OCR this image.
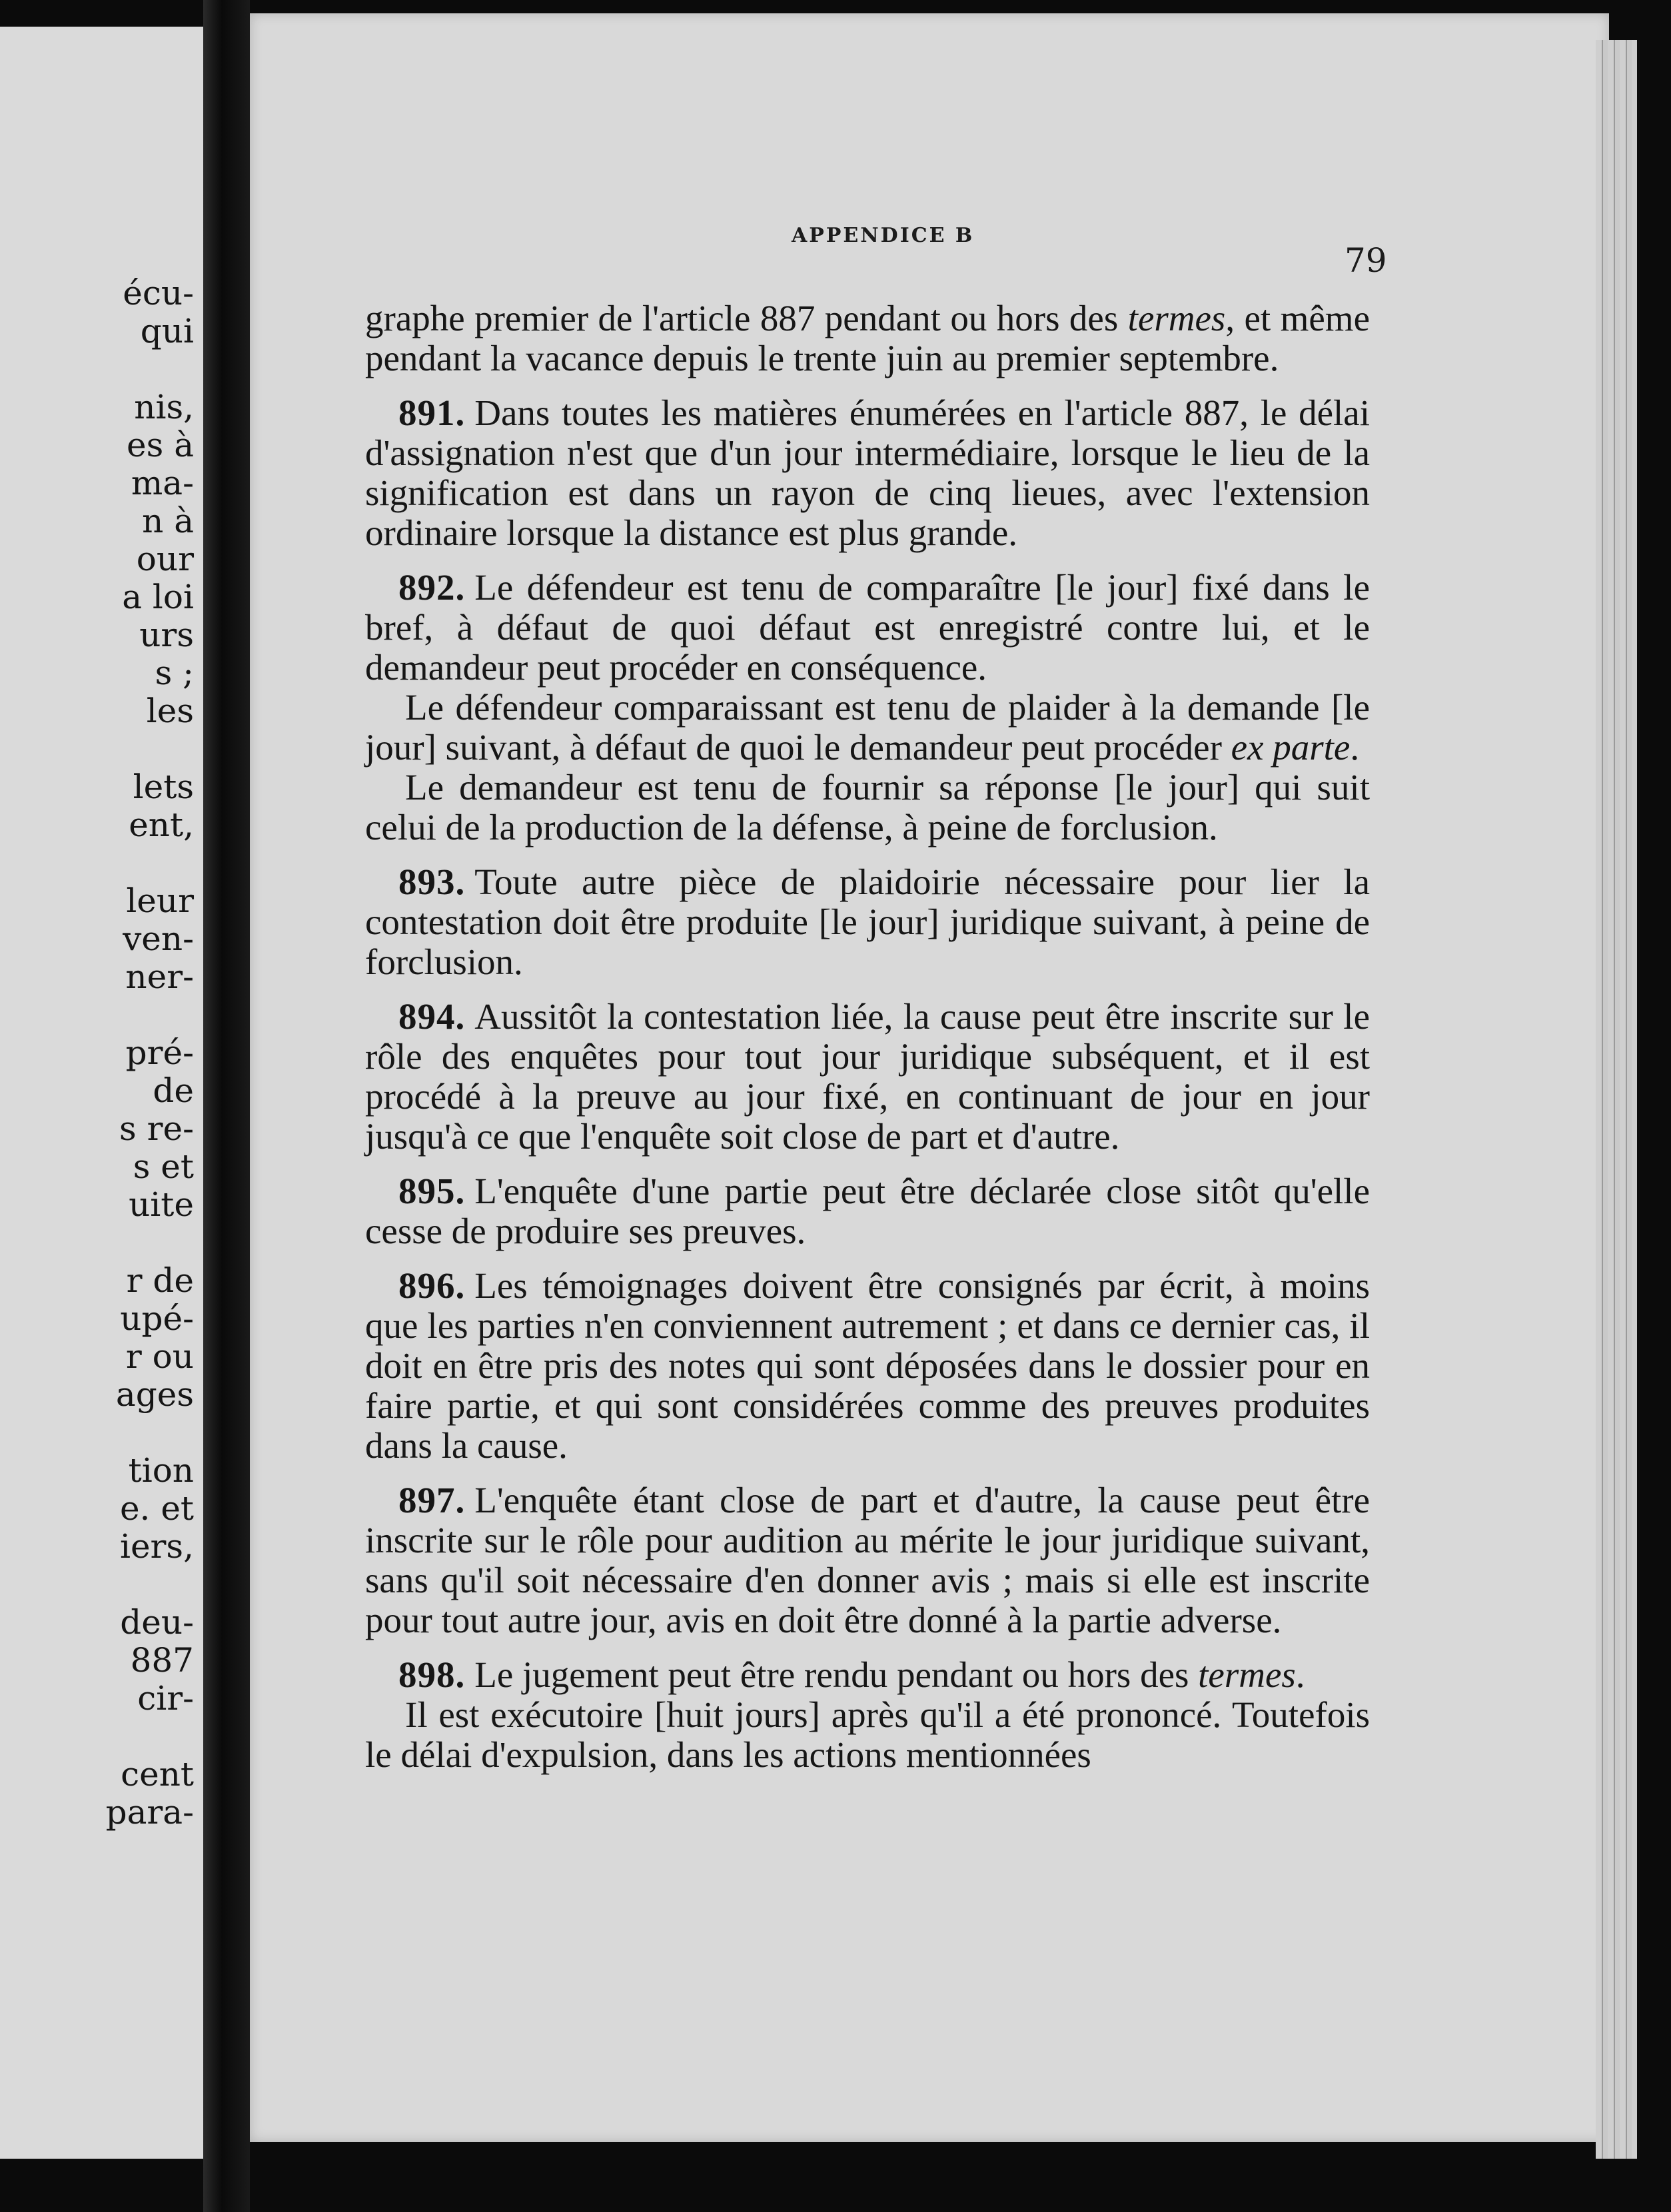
écu-
qui
nis,
es à
ma-
n à
our
a loi
urs
s ;
les
lets
ent,
leur
ven-
ner-
pré-
de
s re-
s et
uite
r de
upé-
r ou
ages
tion
e. et
iers,
deu-
887
cir-
cent
para-
APPENDICE B
79

graphe premier de l'article 887 pendant ou hors des termes, et même pendant la vacance depuis le trente juin au premier septembre.

891. Dans toutes les matières énumérées en l'article 887, le délai d'assignation n'est que d'un jour intermédiaire, lorsque le lieu de la signification est dans un rayon de cinq lieues, avec l'extension ordinaire lorsque la distance est plus grande.

892. Le défendeur est tenu de comparaître [le jour] fixé dans le bref, à défaut de quoi défaut est enregistré contre lui, et le demandeur peut procéder en conséquence.

Le défendeur comparaissant est tenu de plaider à la demande [le jour] suivant, à défaut de quoi le demandeur peut procéder ex parte.

Le demandeur est tenu de fournir sa réponse [le jour] qui suit celui de la production de la défense, à peine de forclusion.

893. Toute autre pièce de plaidoirie nécessaire pour lier la contestation doit être produite [le jour] juridique suivant, à peine de forclusion.

894. Aussitôt la contestation liée, la cause peut être inscrite sur le rôle des enquêtes pour tout jour juridique subséquent, et il est procédé à la preuve au jour fixé, en continuant de jour en jour jusqu'à ce que l'enquête soit close de part et d'autre.

895. L'enquête d'une partie peut être déclarée close sitôt qu'elle cesse de produire ses preuves.

896. Les témoignages doivent être consignés par écrit, à moins que les parties n'en conviennent autrement ; et dans ce dernier cas, il doit en être pris des notes qui sont déposées dans le dossier pour en faire partie, et qui sont considérées comme des preuves produites dans la cause.

897. L'enquête étant close de part et d'autre, la cause peut être inscrite sur le rôle pour audition au mérite le jour juridique suivant, sans qu'il soit nécessaire d'en donner avis ; mais si elle est inscrite pour tout autre jour, avis en doit être donné à la partie adverse.

898. Le jugement peut être rendu pendant ou hors des termes.

Il est exécutoire [huit jours] après qu'il a été prononcé. Toutefois le délai d'expulsion, dans les actions mentionnées
